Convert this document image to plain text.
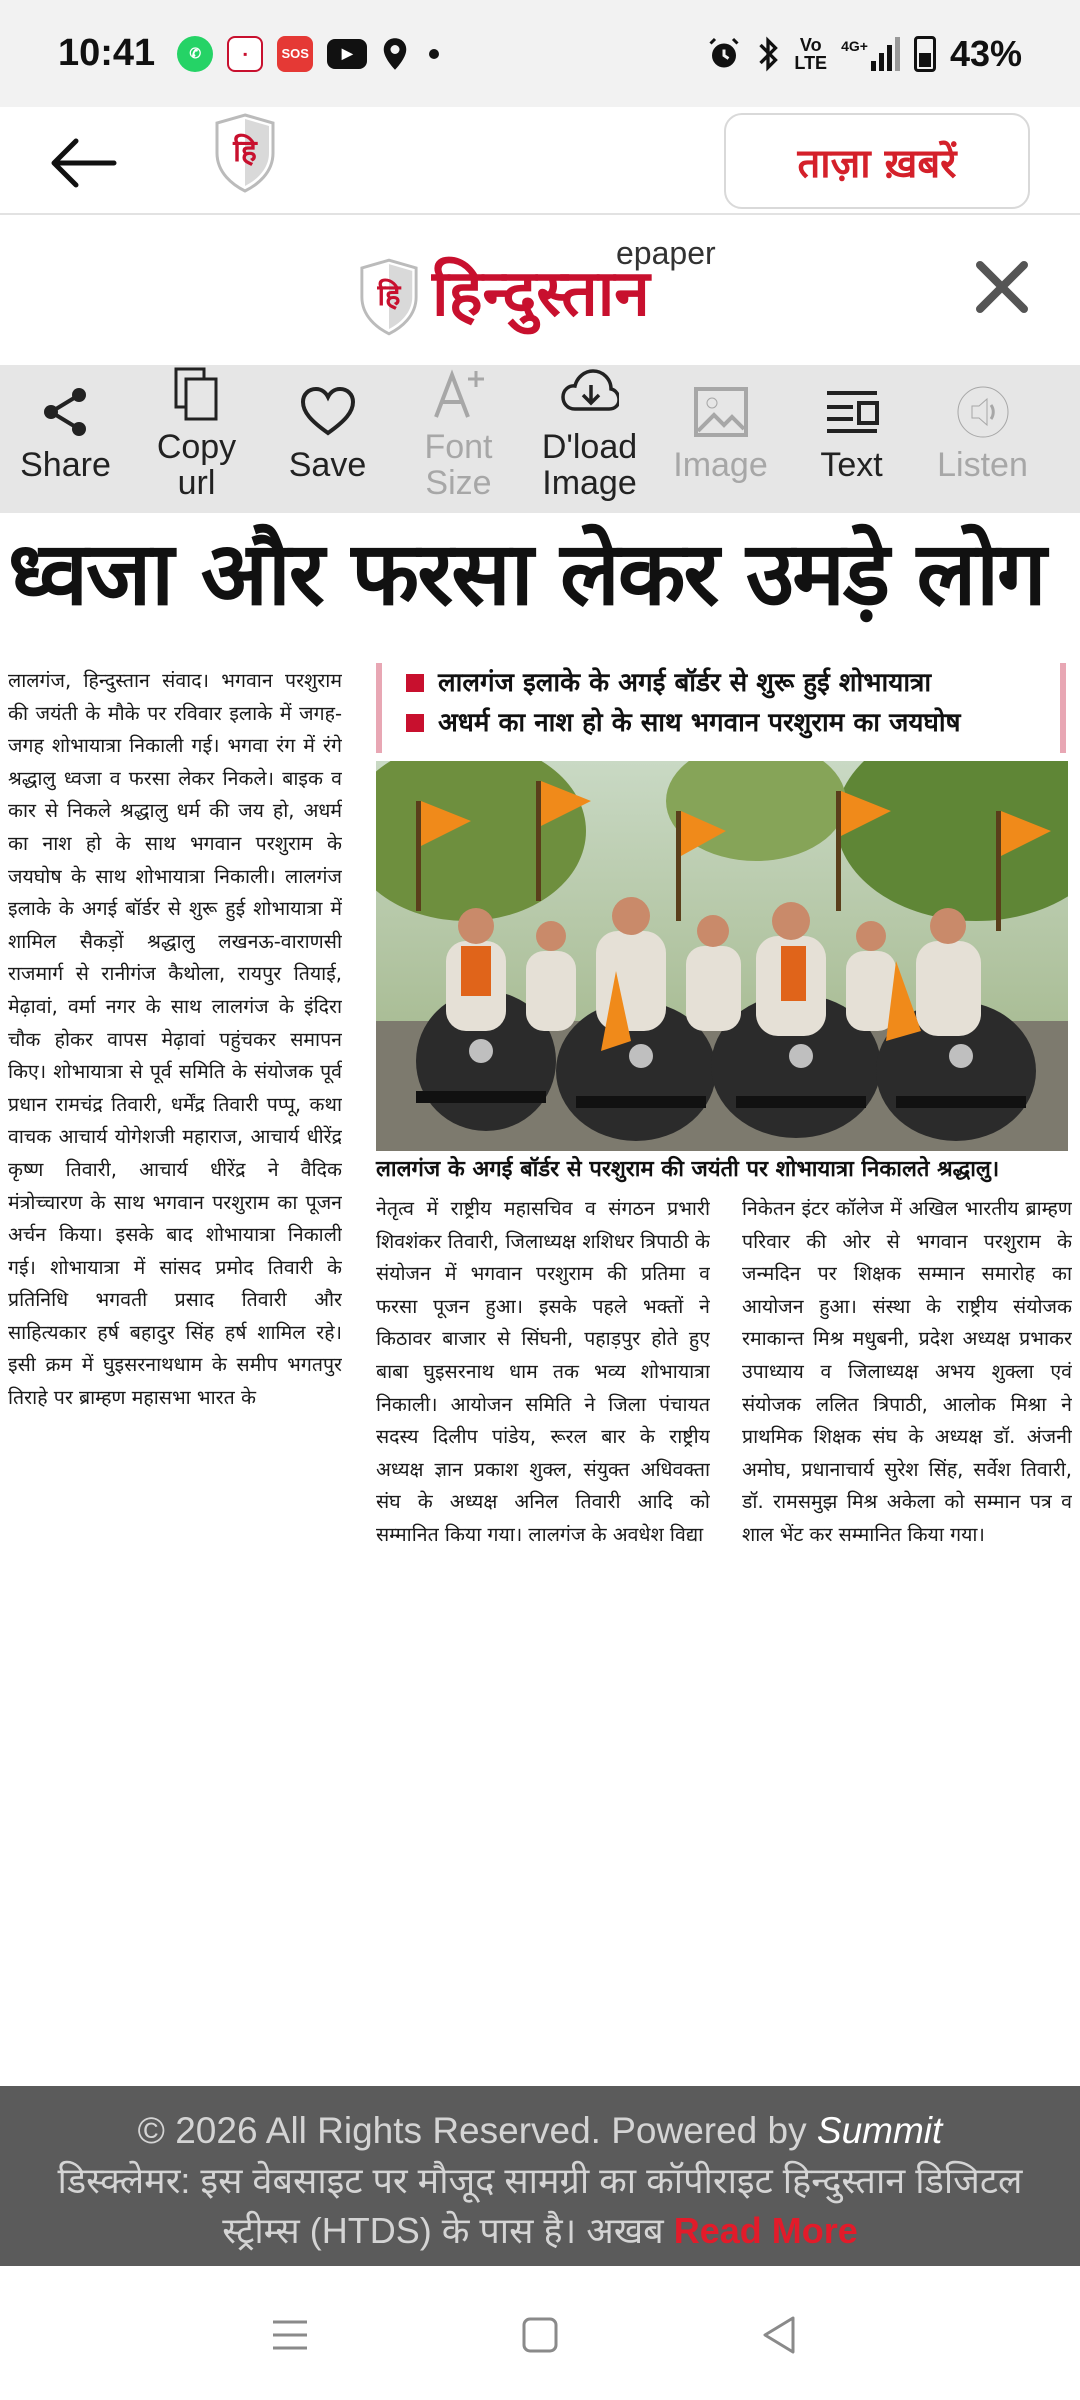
10:41	✆	▪	SOS	▶	Vo
LTE
4G+ 43%
हि	ताज़ा ख़बरें
हि
epaper
हिन्दुस्तान
Share Copy
url Save Font
Size
D'load
Image Image Text Listen
ध्वजा और फरसा लेकर उमड़े लोग
लालगंज, हिन्दुस्तान संवाद। भगवान परशुराम की जयंती के मौके पर रविवार इलाके में जगह-जगह शोभायात्रा निकाली गई। भगवा रंग में रंगे श्रद्धालु ध्वजा व फरसा लेकर निकले। बाइक व कार से निकले श्रद्धालु धर्म की जय हो, अधर्म का नाश हो के साथ भगवान परशुराम के जयघोष के साथ शोभायात्रा निकाली। लालगंज इलाके के अगई बॉर्डर से शुरू हुई शोभायात्रा में शामिल सैकड़ों श्रद्धालु लखनऊ-वाराणसी राजमार्ग से रानीगंज कैथोला, रायपुर तियाई, मेढ़ावां, वर्मा नगर के साथ लालगंज के इंदिरा चौक होकर वापस मेढ़ावां पहुंचकर समापन किए। शोभायात्रा से पूर्व समिति के संयोजक पूर्व प्रधान रामचंद्र तिवारी, धर्मेंद्र तिवारी पप्पू, कथा वाचक आचार्य योगेशजी महाराज, आचार्य धीरेंद्र कृष्ण तिवारी, आचार्य धीरेंद्र ने वैदिक मंत्रोच्चारण के साथ भगवान परशुराम का पूजन अर्चन किया। इसके बाद शोभायात्रा निकाली गई। शोभायात्रा में सांसद प्रमोद तिवारी के प्रतिनिधि भगवती प्रसाद तिवारी और साहित्यकार हर्ष बहादुर सिंह हर्ष शामिल रहे। इसी क्रम में घुइसरनाथधाम के समीप भगतपुर तिराहे पर ब्राम्हण महासभा भारत के
लालगंज इलाके के अगई बॉर्डर से शुरू हुई शोभायात्रा
अधर्म का नाश हो के साथ भगवान परशुराम का जयघोष
लालगंज के अगई बॉर्डर से परशुराम की जयंती पर शोभायात्रा निकालते श्रद्धालु।
नेतृत्व में राष्ट्रीय महासचिव व संगठन प्रभारी शिवशंकर तिवारी, जिलाध्यक्ष शशिधर त्रिपाठी के संयोजन में भगवान परशुराम की प्रतिमा व फरसा पूजन हुआ। इसके पहले भक्तों ने किठावर बाजार से सिंघनी, पहाड़पुर होते हुए बाबा घुइसरनाथ धाम तक भव्य शोभायात्रा निकाली। आयोजन समिति ने जिला पंचायत सदस्य दिलीप पांडेय, रूरल बार के राष्ट्रीय अध्यक्ष ज्ञान प्रकाश शुक्ल, संयुक्त अधिवक्ता संघ के अध्यक्ष अनिल तिवारी आदि को सम्मानित किया गया। लालगंज के अवधेश विद्या
निकेतन इंटर कॉलेज में अखिल भारतीय ब्राम्हण परिवार की ओर से भगवान परशुराम के जन्मदिन पर शिक्षक सम्मान समारोह का आयोजन हुआ। संस्था के राष्ट्रीय संयोजक रमाकान्त मिश्र मधुबनी, प्रदेश अध्यक्ष प्रभाकर उपाध्याय व जिलाध्यक्ष अभय शुक्ला एवं संयोजक ललित त्रिपाठी, आलोक मिश्रा ने प्राथमिक शिक्षक संघ के अध्यक्ष डॉ. अंजनी अमोघ, प्रधानाचार्य सुरेश सिंह, सर्वेश तिवारी, डॉ. रामसमुझ मिश्र अकेला को सम्मान पत्र व शाल भेंट कर सम्मानित किया गया।
© 2026 All Rights Reserved. Powered by Summit
डिस्क्लेमर: इस वेबसाइट पर मौजूद सामग्री का कॉपीराइट हिन्दुस्तान डिजिटल स्ट्रीम्स (HTDS) के पास है। अखब Read More
